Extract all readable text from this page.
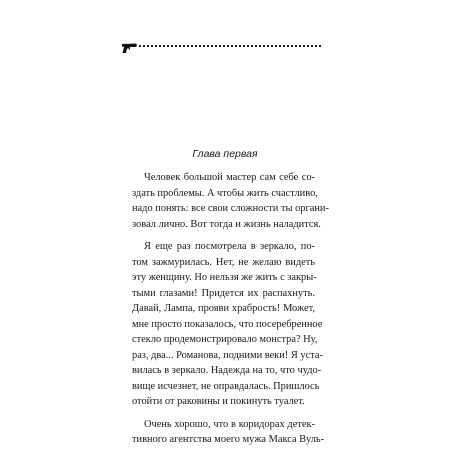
Глава первая
Человек большой мастер сам себе со-
здать проблемы. А чтобы жить счастливо,
надо понять: все свои сложности ты органи-
зовал лично. Вот тогда и жизнь наладится.
Я еще раз посмотрела в зеркало, по-
том зажмурилась. Нет, не желаю видеть
эту женщину. Но нельзя же жить с закры-
тыми глазами! Придется их распахнуть.
Давай, Лампа, прояви храбрость! Может,
мне просто показалось, что посеребренное
стекло продемонстрировало монстра? Ну,
раз, два... Романова, подними веки! Я уста-
вилась в зеркало. Надежда на то, что чудо-
вище исчезнет, не оправдалась. Пришлось
отойти от раковины и покинуть туалет.
Очень хорошо, что в коридорах детек-
тивного агентства моего мужа Макса Вуль-
